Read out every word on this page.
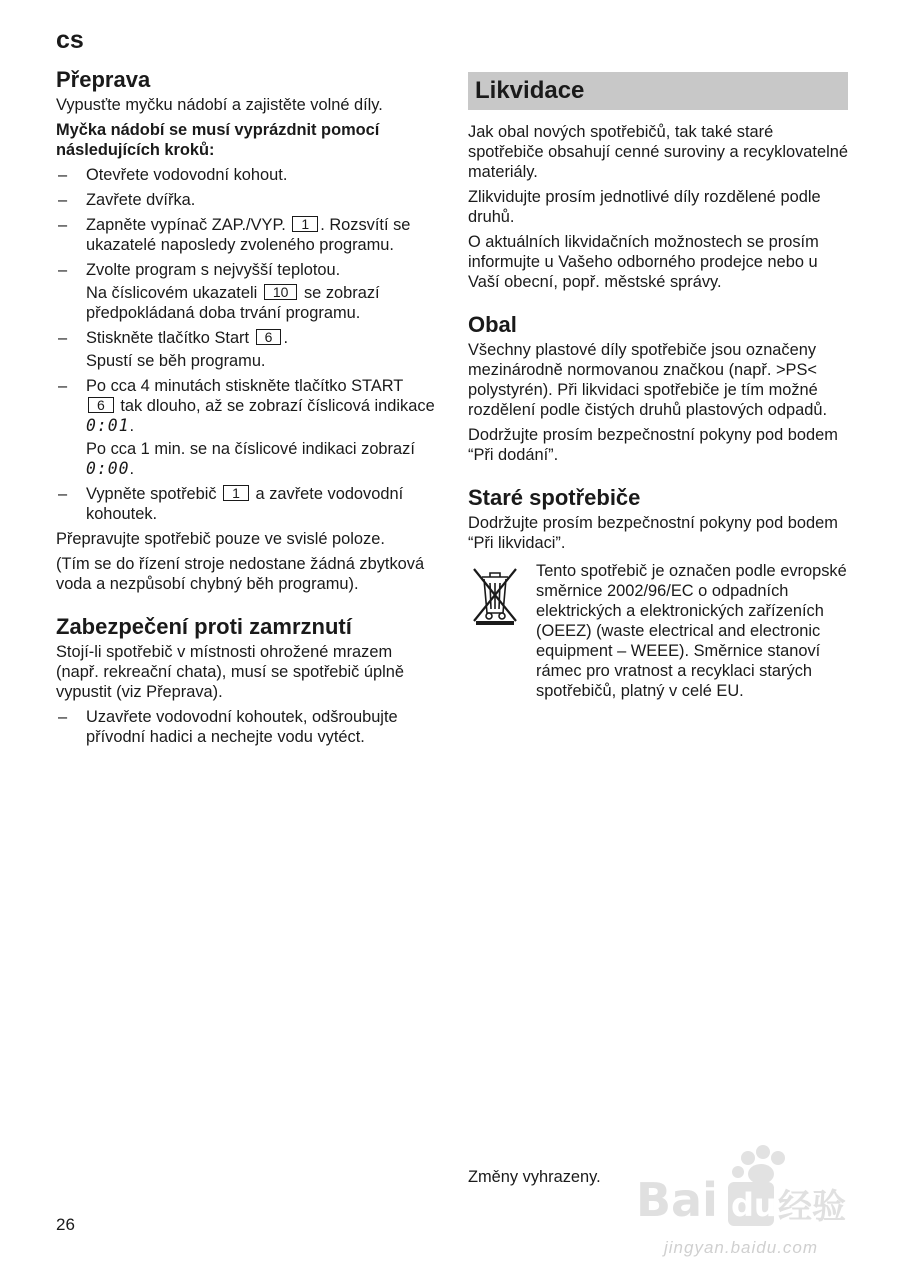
cs
Přeprava
Vypusťte myčku nádobí a zajistěte volné díly.
Myčka nádobí se musí vyprázdnit pomocí následujících kroků:
– Otevřete vodovodní kohout.
– Zavřete dvířka.
– Zapněte vypínač ZAP./VYP. 1 . Rozsvítí se ukazatelé naposledy zvoleného programu.
– Zvolte program s nejvyšší teplotou.
Na číslicovém ukazateli 10 se zobrazí předpokládaná doba trvání programu.
– Stiskněte tlačítko Start 6 .
Spustí se běh programu.
– Po cca 4 minutách stiskněte tlačítko START 6 tak dlouho, až se zobrazí číslicová indikace 0:01.
Po cca 1 min. se na číslicové indikaci zobrazí 0:00.
– Vypněte spotřebič 1 a zavřete vodovodní kohoutek.
Přepravujte spotřebič pouze ve svislé poloze.
(Tím se do řízení stroje nedostane žádná zbytková voda a nezpůsobí chybný běh programu).
Zabezpečení proti zamrznutí
Stojí-li spotřebič v místnosti ohrožené mrazem (např. rekreační chata), musí se spotřebič úplně vypustit (viz Přeprava).
– Uzavřete vodovodní kohoutek, odšroubujte přívodní hadici a nechejte vodu vytéct.
Likvidace
Jak obal nových spotřebičů, tak také staré spotřebiče obsahují cenné suroviny a recyklovatelné materiály.
Zlikvidujte prosím jednotlivé díly rozdělené podle druhů.
O aktuálních likvidačních možnostech se prosím informujte u Vašeho odborného prodejce nebo u Vaší obecní, popř. městské správy.
Obal
Všechny plastové díly spotřebiče jsou označeny mezinárodně normovanou značkou (např. >PS< polystyrén). Při likvidaci spotřebiče je tím možné rozdělení podle čistých druhů plastových odpadů.
Dodržujte prosím bezpečnostní pokyny pod bodem “Při dodání”.
Staré spotřebiče
Dodržujte prosím bezpečnostní pokyny pod bodem “Při likvidaci”.
Tento spotřebič je označen podle evropské směrnice 2002/96/EC o odpadních elektrických a elektronických zařízeních (OEEZ) (waste electrical and electronic equipment – WEEE). Směrnice stanoví rámec pro vratnost a recyklaci starých spotřebičů, platný v celé EU.
Změny vyhrazeny.
26	Bai du 经验
jingyan.baidu.com
